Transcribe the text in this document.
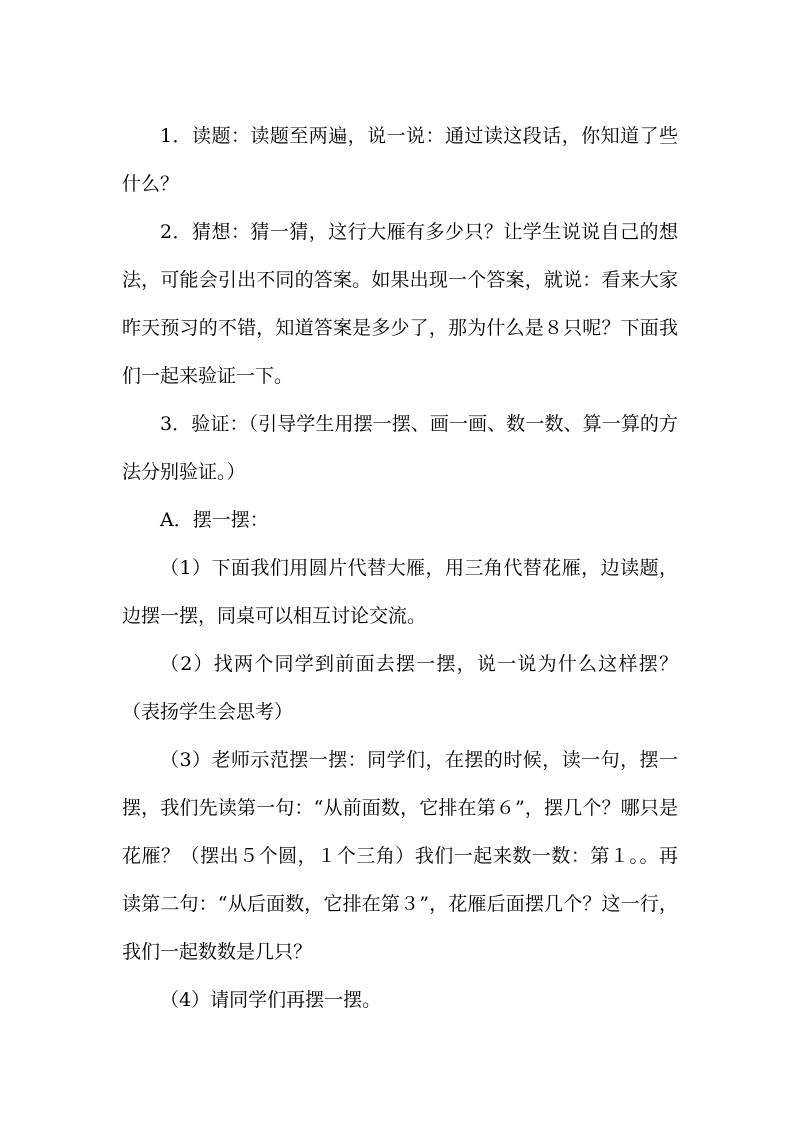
1．读题：读题至两遍，说一说：通过读这段话，你知道了些什么？

2．猜想：猜一猜，这行大雁有多少只？让学生说说自己的想法，可能会引出不同的答案。如果出现一个答案，就说：看来大家昨天预习的不错，知道答案是多少了，那为什么是８只呢？下面我们一起来验证一下。

3．验证：（引导学生用摆一摆、画一画、数一数、算一算的方法分别验证。）

A．摆一摆：

（1）下面我们用圆片代替大雁，用三角代替花雁，边读题，边摆一摆，同桌可以相互讨论交流。

（2）找两个同学到前面去摆一摆，说一说为什么这样摆？（表扬学生会思考）

（3）老师示范摆一摆：同学们，在摆的时候，读一句，摆一摆，我们先读第一句：“从前面数，它排在第６”，摆几个？哪只是花雁？（摆出５个圆，１个三角）我们一起来数一数：第１。。再读第二句：“从后面数，它排在第３”，花雁后面摆几个？这一行，我们一起数数是几只？

（4）请同学们再摆一摆。
